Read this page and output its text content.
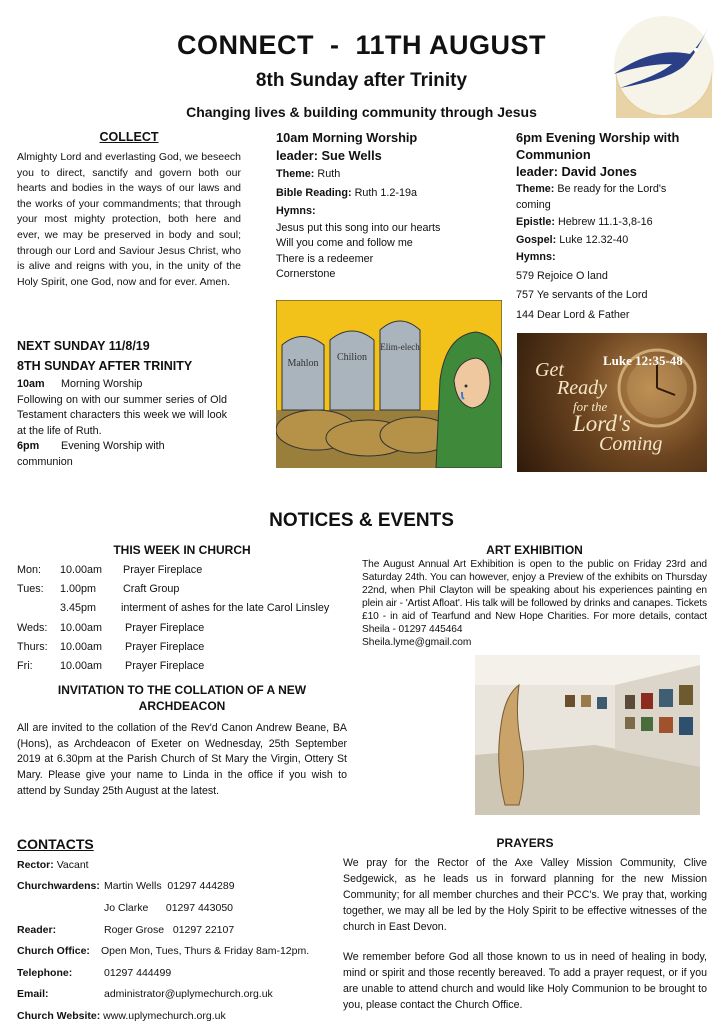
CONNECT  -  11TH AUGUST
8th Sunday after Trinity
Changing lives & building community through Jesus
COLLECT
Almighty Lord and everlasting God, we beseech you to direct, sanctify and govern both our hearts and bodies in the ways of our laws and the works of your commandments; that through your most mighty protection, both here and ever, we may be preserved in body and soul; through our Lord and Saviour Jesus Christ, who is alive and reigns with you, in the unity of the Holy Spirit, one God, now and for ever. Amen.
10am Morning Worship
leader: Sue Wells
Theme: Ruth
Bible Reading: Ruth 1.2-19a
Hymns:
Jesus put this song into our hearts
Will you come and follow me
There is a redeemer
Cornerstone
6pm Evening Worship with
Communion
leader: David Jones
Theme: Be ready for the Lord's
coming
Epistle: Hebrew 11.1-3,8-16
Gospel: Luke 12.32-40
Hymns:
579 Rejoice O land
757 Ye servants of the Lord
144 Dear Lord & Father
NEXT SUNDAY 11/8/19
8TH SUNDAY AFTER TRINITY
10am Morning Worship
Following on with our summer series of Old Testament characters this week we will look at the life of Ruth.
6pm Evening Worship with
communion
Mahlon
Chilion
Elim-elech
Luke 12:35-48
Get
Ready
for the
Lord's
Coming
NOTICES & EVENTS
THIS WEEK IN CHURCH
Mon:	10.00am	Prayer Fireplace
Tues:	1.00pm	Craft Group
3.45pm	interment of ashes for the late Carol Linsley
Weds:	10.00am	Prayer Fireplace
Thurs:	10.00am	Prayer Fireplace
Fri:	10.00am	Prayer Fireplace
INVITATION TO THE COLLATION OF A NEW
ARCHDEACON
All are invited to the collation of the Rev'd Canon Andrew Beane, BA (Hons), as Archdeacon of Exeter on Wednesday, 25th September 2019 at 6.30pm at the Parish Church of St Mary the Virgin, Ottery St Mary. Please give your name to Linda in the office if you wish to attend by Sunday 25th August at the latest.
ART EXHIBITION
The August Annual Art Exhibition is open to the public on Friday 23rd and Saturday 24th. You can however, enjoy a Preview of the exhibits on Thursday 22nd, when Phil Clayton will be speaking about his experiences painting en plein air - 'Artist Afloat'. His talk will be followed by drinks and canapes. Tickets £10 - in aid of Tearfund and New Hope Charities. For more details, contact Sheila - 01297 445464
Sheila.lyme@gmail.com
CONTACTS
Rector:
Vacant
Churchwardens: Martin Wells  01297 444289
Jo Clarke      01297 443050
Reader:	Roger Grose   01297 22107
Church Office:	Open Mon, Tues, Thurs & Friday 8am-12pm.
Telephone:	01297 444499
Email:	administrator@uplymechurch.org.uk
Church Website:
www.uplymechurch.org.uk
PRAYERS
We pray for the Rector of the Axe Valley Mission Community, Clive Sedgewick, as he leads us in forward planning for the new Mission Community; for all member churches and their PCC's. We pray that, working together, we may all be led by the Holy Spirit to be effective witnesses of the church in East Devon.
We remember before God all those known to us in need of healing in body, mind or spirit and those recently bereaved. To add a prayer request, or if you are unable to attend church and would like Holy Communion to be brought to you, please contact the Church Office.
